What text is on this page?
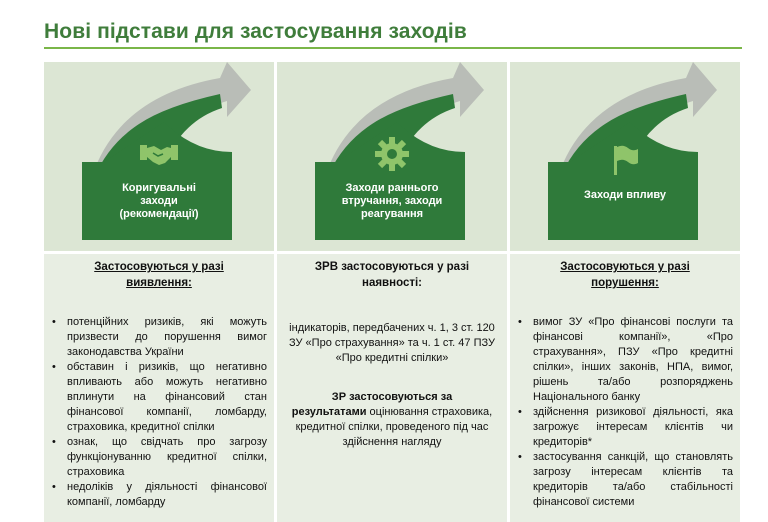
Нові підстави для застосування заходів
Коригувальні
заходи
(рекомендації)
Заходи раннього
втручання, заходи
реагування
Заходи впливу
Застосовуються у разі
виявлення:
• потенційних ризиків, які можуть призвести до порушення вимог законодавства України
• обставин і ризиків, що негативно впливають або можуть негативно вплинути на фінансовий стан фінансової компанії, ломбарду, страховика, кредитної спілки
• ознак, що свідчать про загрозу функціонуванню кредитної спілки, страховика
• недоліків у діяльності фінансової компанії, ломбарду
ЗРВ застосовуються у разі
наявності:
індикаторів, передбачених ч. 1, 3 ст. 120 ЗУ «Про страхування» та ч. 1 ст. 47 ПЗУ «Про кредитні спілки»
ЗР застосовуються за
результатами оцінювання страховика, кредитної спілки, проведеного під час здійснення нагляду
Застосовуються у разі
порушення:
• вимог ЗУ «Про фінансові послуги та фінансові компанії», «Про страхування», ПЗУ «Про кредитні спілки», інших законів, НПА, вимог, рішень та/або розпоряджень Національного банку
• здійснення ризикової діяльності, яка загрожує інтересам клієнтів чи кредиторів*
• застосування санкцій, що становлять загрозу інтересам клієнтів та кредиторів та/або стабільності фінансової системи
